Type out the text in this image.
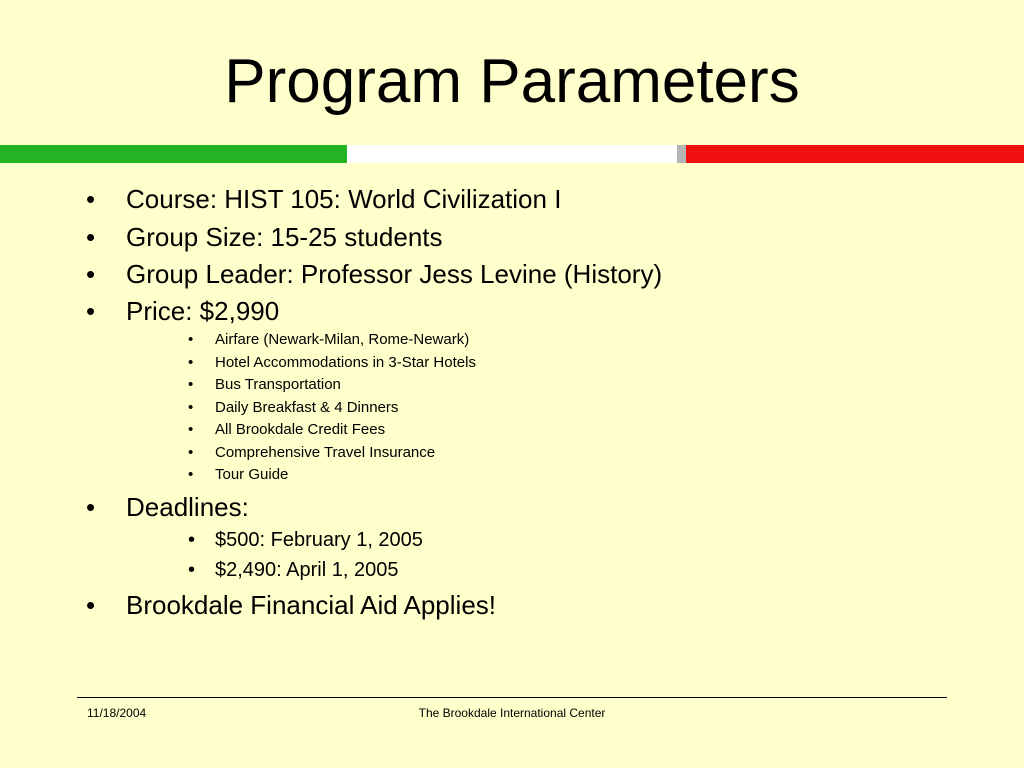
Program Parameters
• Course: HIST 105: World Civilization I
• Group Size: 15-25 students
• Group Leader: Professor Jess Levine (History)
• Price: $2,990
• Airfare (Newark-Milan, Rome-Newark)
• Hotel Accommodations in 3-Star Hotels
• Bus Transportation
• Daily Breakfast & 4 Dinners
• All Brookdale Credit Fees
• Comprehensive Travel Insurance
• Tour Guide
• Deadlines:
• $500: February 1, 2005
• $2,490: April 1, 2005
• Brookdale Financial Aid Applies!
11/18/2004	The Brookdale International Center
